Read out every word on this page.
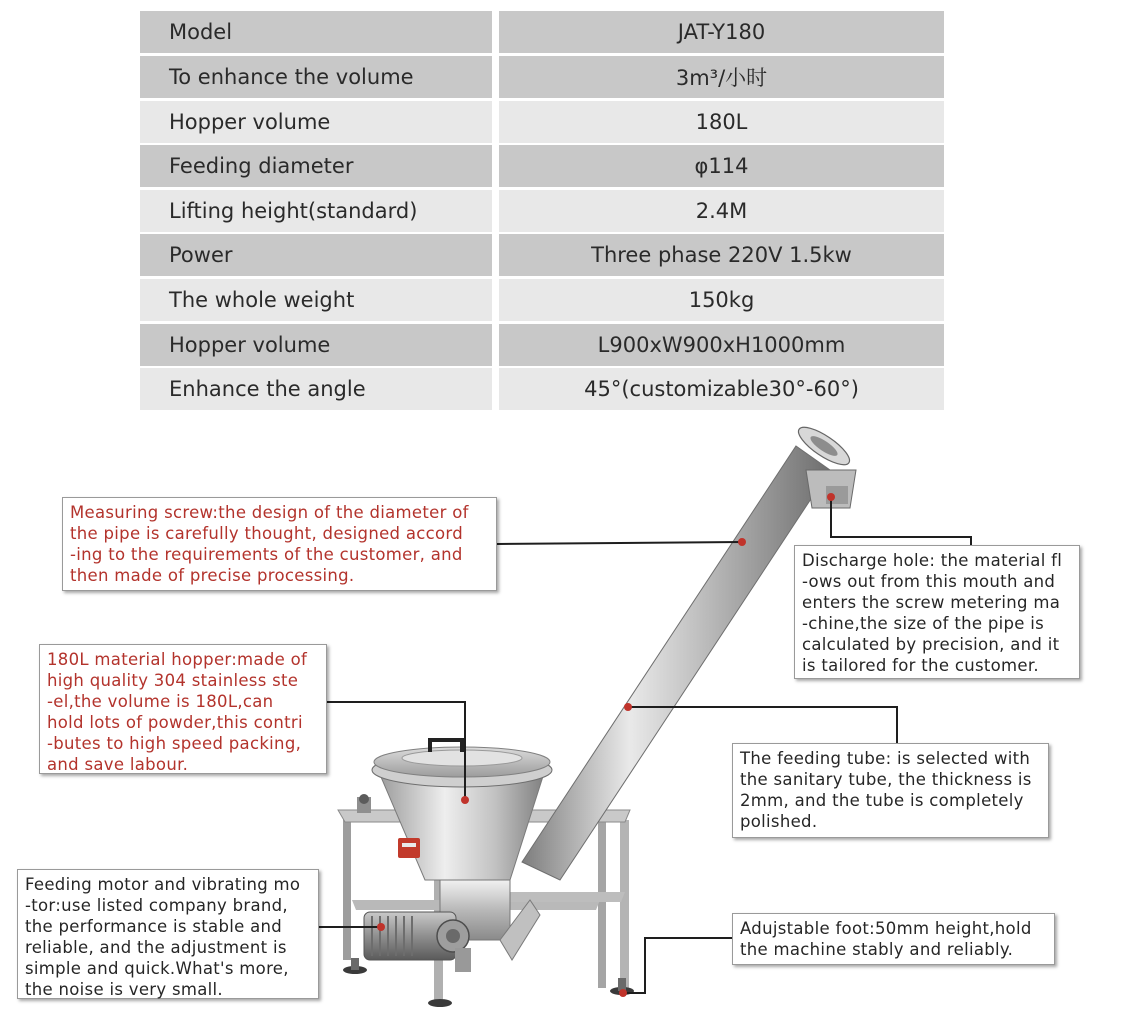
Model	JAT-Y180
To enhance the volume	3m³/小时
Hopper volume	180L
Feeding diameter	φ114
Lifting height(standard)	2.4M
Power	Three phase 220V 1.5kw
The whole weight	150kg
Hopper volume	L900xW900xH1000mm
Enhance the angle	45°(customizable30°-60°)
Measuring screw:the design of the diameter of
the pipe is carefully thought, designed accord
-ing to the requirements of the customer, and
then made of precise processing.
180L material hopper:made of
high quality 304 stainless ste
-el,the volume is 180L,can
hold lots of powder,this contri
-butes to high speed packing,
and save labour.
Feeding motor and vibrating mo
-tor:use listed company brand,
the performance is stable and
reliable, and the adjustment is
simple and quick.What's more,
the noise is very small.
Discharge hole: the material fl
-ows out from this mouth and
enters the screw metering ma
-chine,the size of the pipe is
calculated by precision, and it
is tailored for the customer.
The feeding tube: is selected with
the sanitary tube, the thickness is
2mm, and the tube is completely
polished.
Adujstable foot:50mm height,hold
the machine stably and reliably.
